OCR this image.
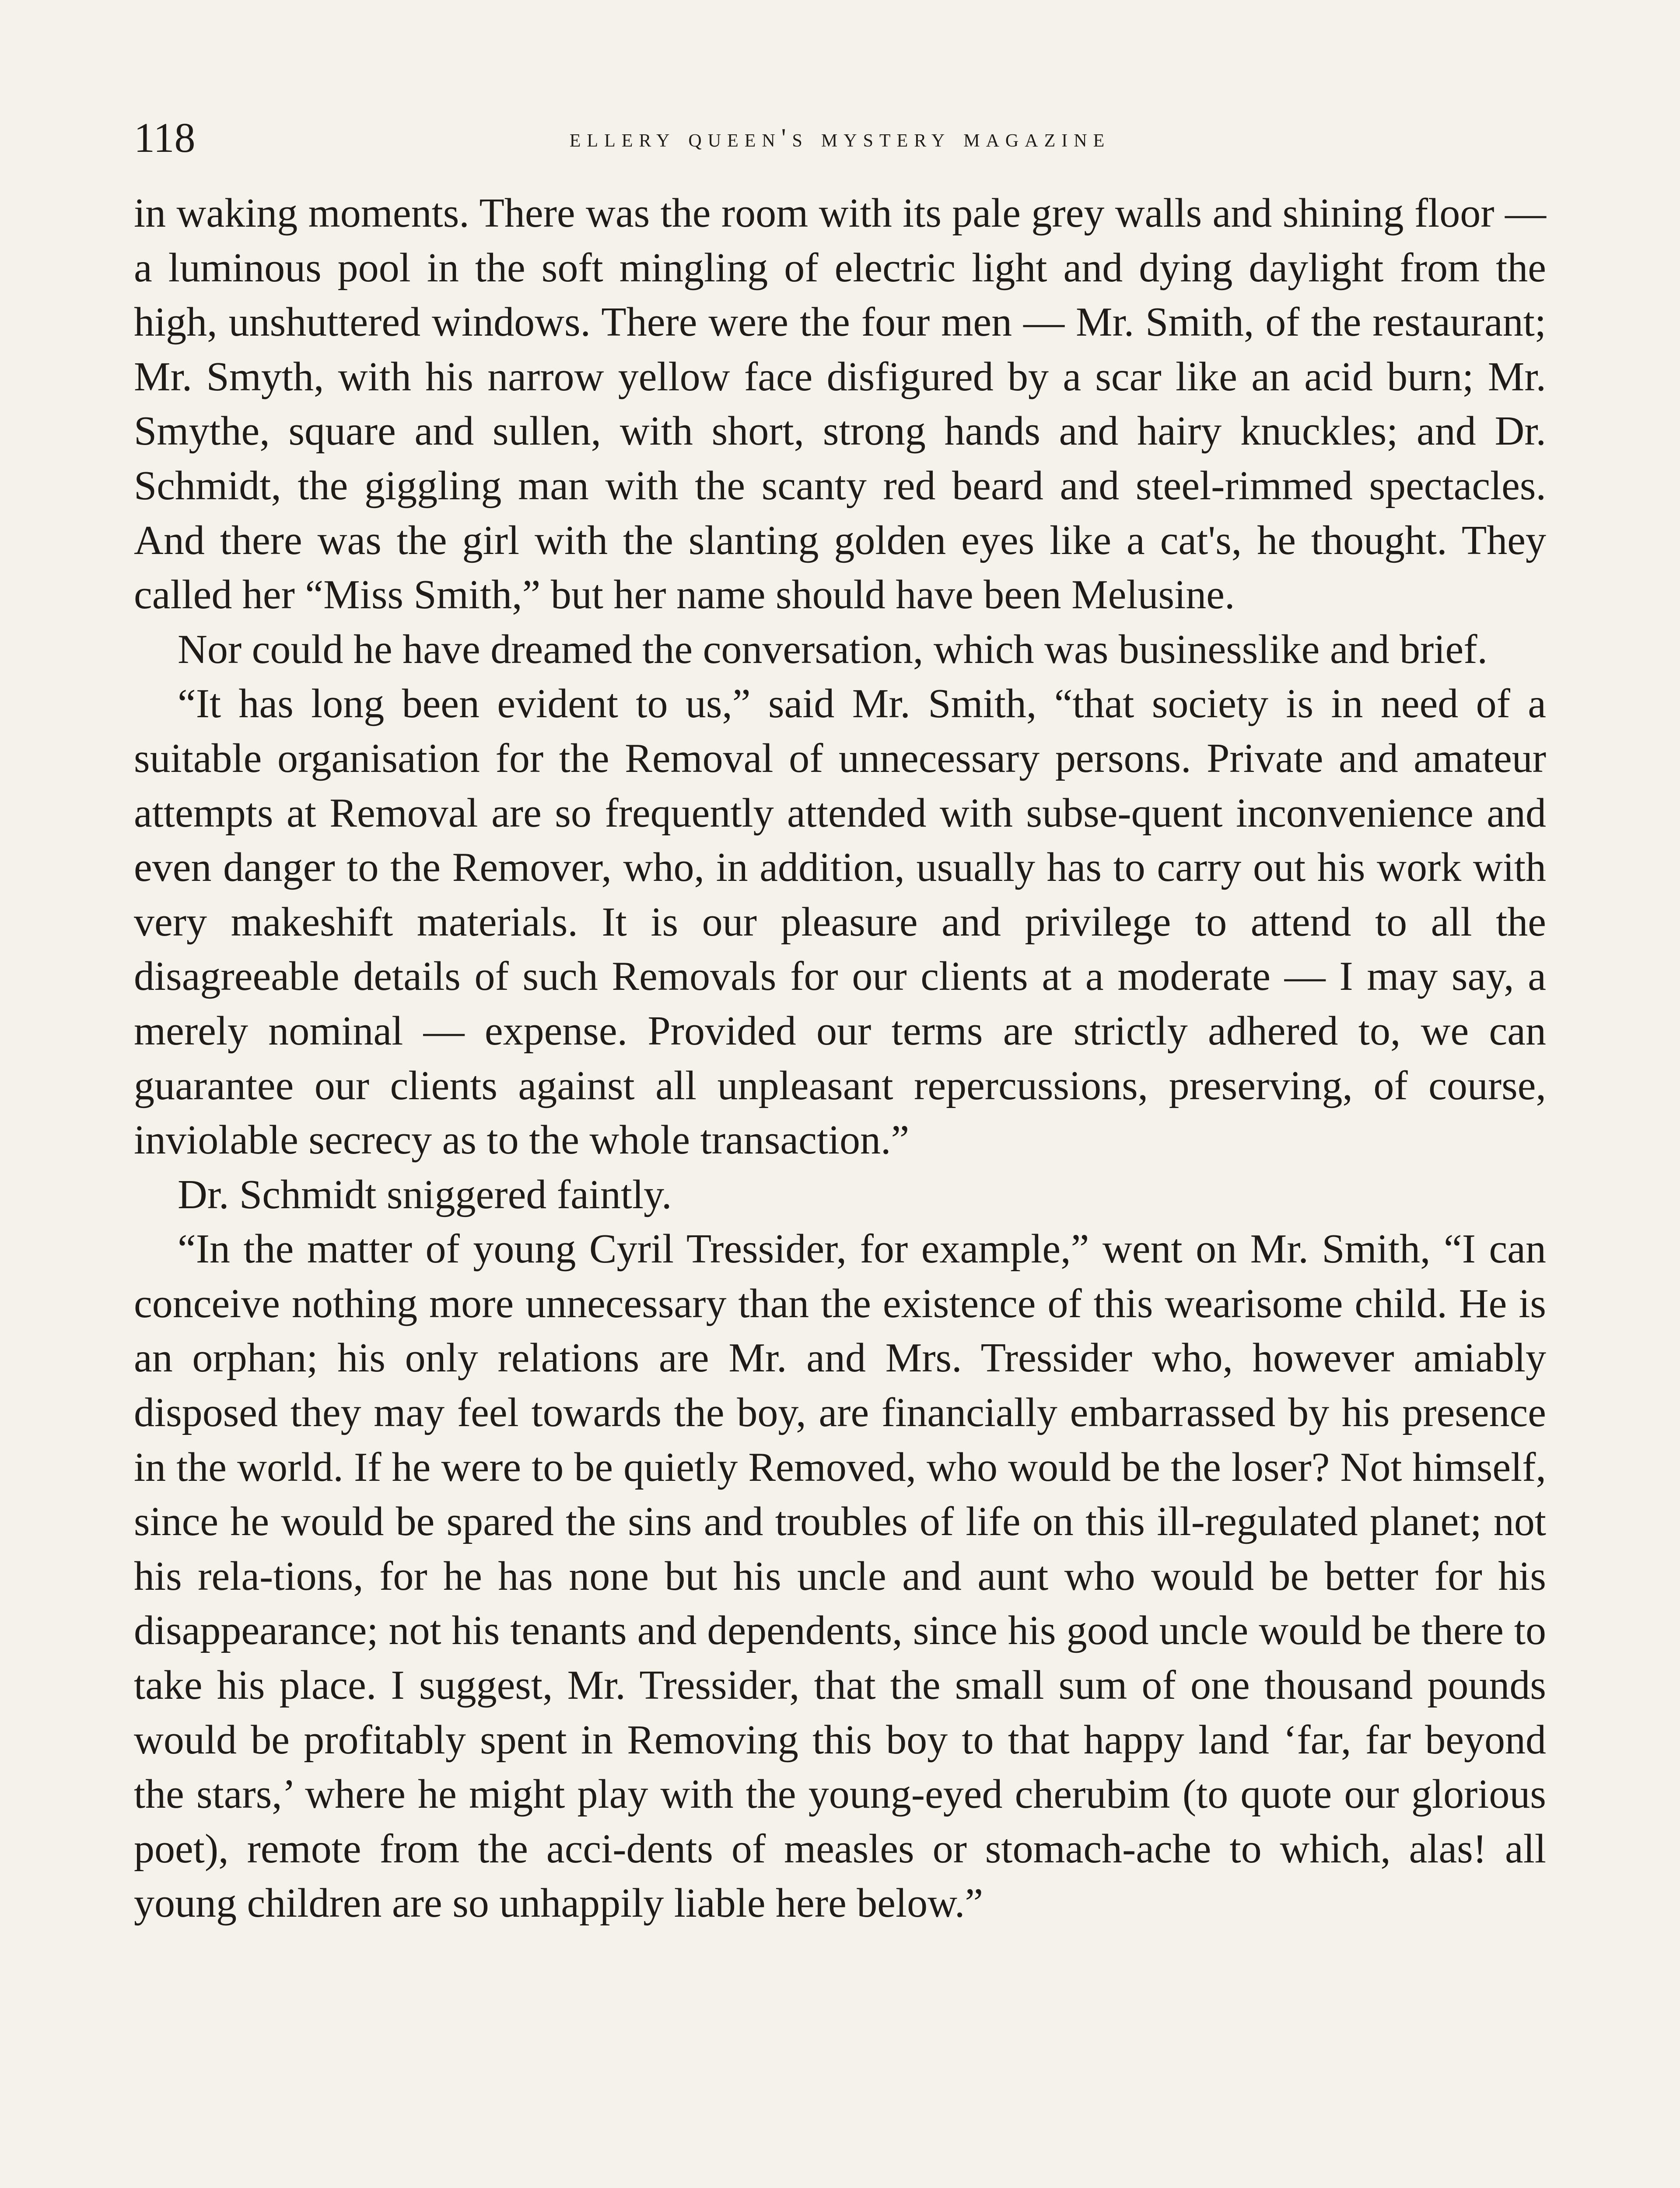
118	ellery queen's mystery magazine

in waking moments. There was the room with its pale grey walls and shining floor — a luminous pool in the soft mingling of electric light and dying daylight from the high, unshuttered windows. There were the four men — Mr. Smith, of the restaurant; Mr. Smyth, with his narrow yellow face disfigured by a scar like an acid burn; Mr. Smythe, square and sullen, with short, strong hands and hairy knuckles; and Dr. Schmidt, the giggling man with the scanty red beard and steel-rimmed spectacles. And there was the girl with the slanting golden eyes like a cat's, he thought. They called her “Miss Smith,” but her name should have been Melusine.

Nor could he have dreamed the conversation, which was businesslike and brief.

“It has long been evident to us,” said Mr. Smith, “that society is in need of a suitable organisation for the Removal of unnecessary persons. Private and amateur attempts at Removal are so frequently attended with subse-quent inconvenience and even danger to the Remover, who, in addition, usually has to carry out his work with very makeshift materials. It is our pleasure and privilege to attend to all the disagreeable details of such Removals for our clients at a moderate — I may say, a merely nominal — expense. Provided our terms are strictly adhered to, we can guarantee our clients against all unpleasant repercussions, preserving, of course, inviolable secrecy as to the whole transaction.”

Dr. Schmidt sniggered faintly.

“In the matter of young Cyril Tressider, for example,” went on Mr. Smith, “I can conceive nothing more unnecessary than the existence of this wearisome child. He is an orphan; his only relations are Mr. and Mrs. Tressider who, however amiably disposed they may feel towards the boy, are financially embarrassed by his presence in the world. If he were to be quietly Removed, who would be the loser? Not himself, since he would be spared the sins and troubles of life on this ill-regulated planet; not his rela-tions, for he has none but his uncle and aunt who would be better for his disappearance; not his tenants and dependents, since his good uncle would be there to take his place. I suggest, Mr. Tressider, that the small sum of one thousand pounds would be profitably spent in Removing this boy to that happy land ‘far, far beyond the stars,’ where he might play with the young-eyed cherubim (to quote our glorious poet), remote from the acci-dents of measles or stomach-ache to which, alas! all young children are so unhappily liable here below.”
